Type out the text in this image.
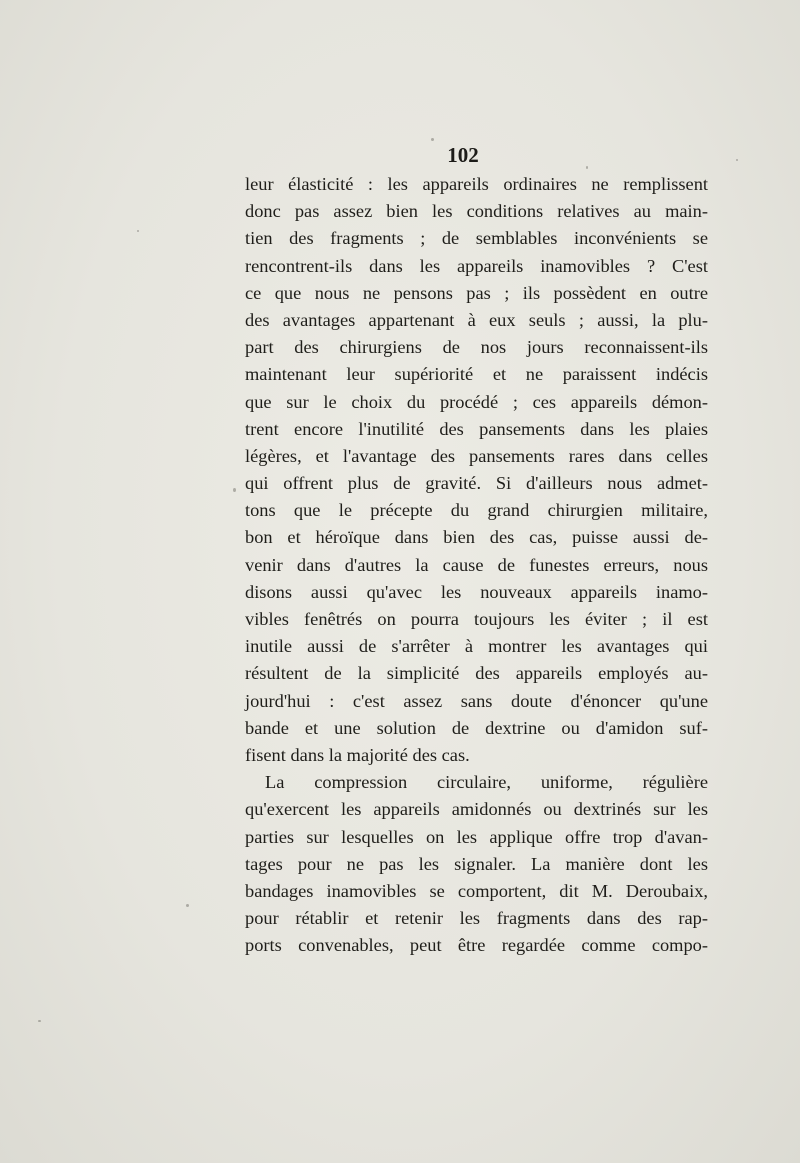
102
leur élasticité : les appareils ordinaires ne remplissent
donc pas assez bien les conditions relatives au main-
tien des fragments ; de semblables inconvénients se
rencontrent-ils dans les appareils inamovibles ? C'est
ce que nous ne pensons pas ; ils possèdent en outre
des avantages appartenant à eux seuls ; aussi, la plu-
part des chirurgiens de nos jours reconnaissent-ils
maintenant leur supériorité et ne paraissent indécis
que sur le choix du procédé ; ces appareils démon-
trent encore l'inutilité des pansements dans les plaies
légères, et l'avantage des pansements rares dans celles
qui offrent plus de gravité. Si d'ailleurs nous admet-
tons que le précepte du grand chirurgien militaire,
bon et héroïque dans bien des cas, puisse aussi de-
venir dans d'autres la cause de funestes erreurs, nous
disons aussi qu'avec les nouveaux appareils inamo-
vibles fenêtrés on pourra toujours les éviter ; il est
inutile aussi de s'arrêter à montrer les avantages qui
résultent de la simplicité des appareils employés au-
jourd'hui : c'est assez sans doute d'énoncer qu'une
bande et une solution de dextrine ou d'amidon suf-
fisent dans la majorité des cas.
La compression circulaire, uniforme, régulière
qu'exercent les appareils amidonnés ou dextrinés sur les
parties sur lesquelles on les applique offre trop d'avan-
tages pour ne pas les signaler. La manière dont les
bandages inamovibles se comportent, dit M. Deroubaix,
pour rétablir et retenir les fragments dans des rap-
ports convenables, peut être regardée comme compo-
